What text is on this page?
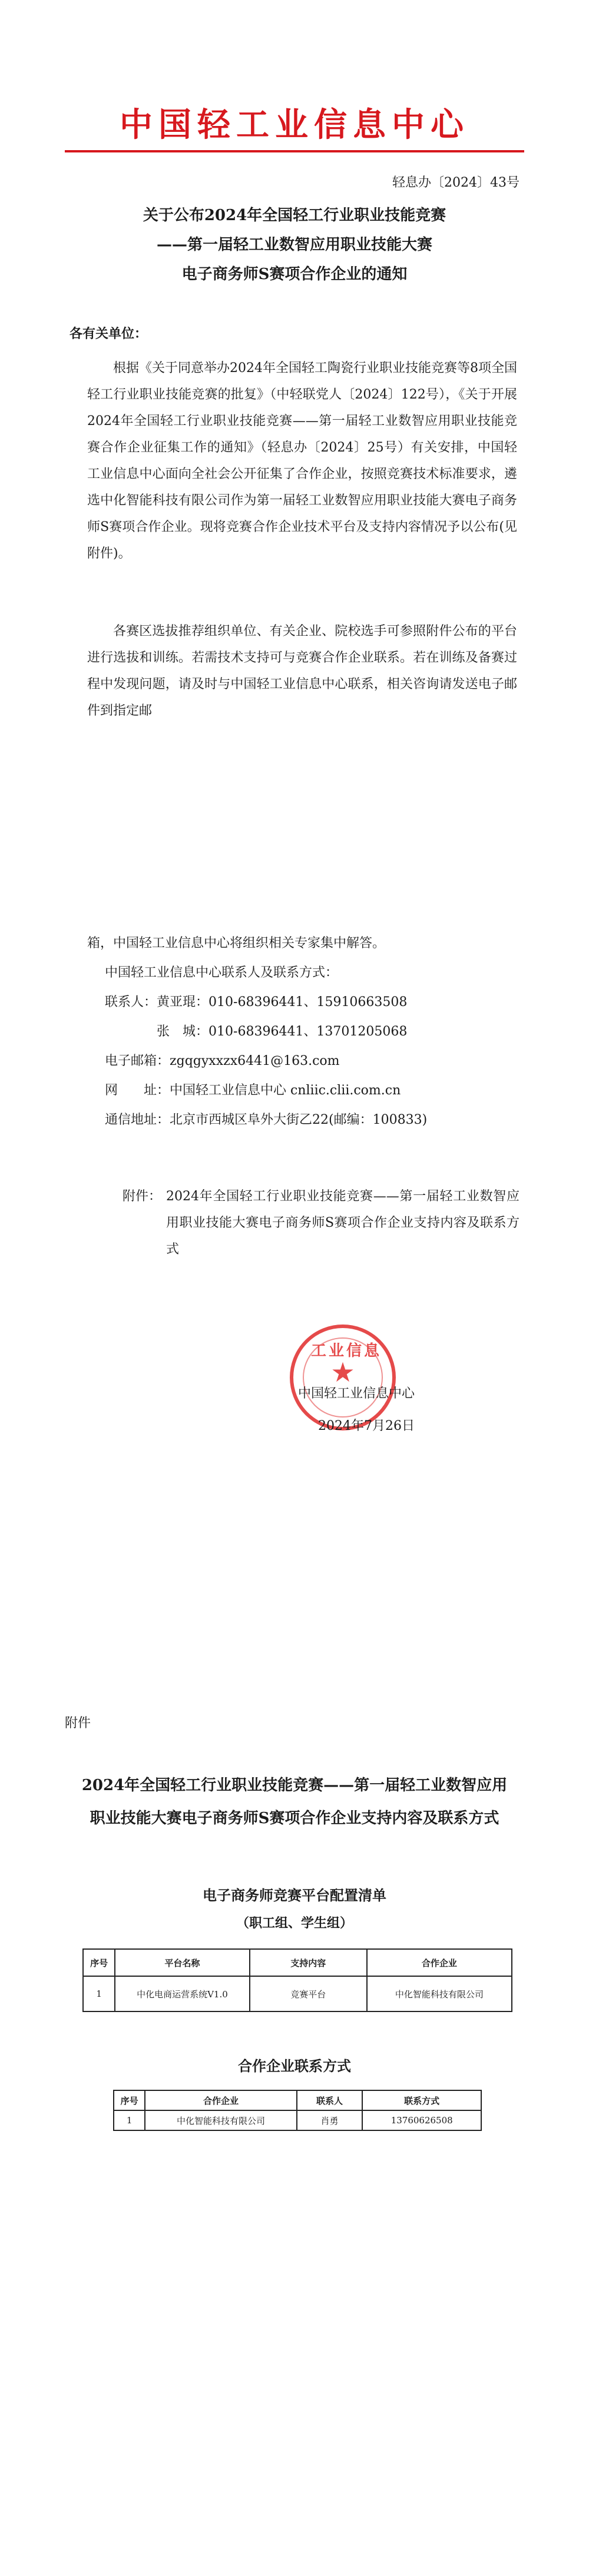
中国轻工业信息中心
轻息办〔2024〕43号
关于公布2024年全国轻工行业职业技能竞赛
——第一届轻工业数智应用职业技能大赛
电子商务师S赛项合作企业的通知
各有关单位：
根据《关于同意举办2024年全国轻工陶瓷行业职业技能竞赛等8项全国轻工行业职业技能竞赛的批复》（中轻联党人〔2024〕122号），《关于开展2024年全国轻工行业职业技能竞赛——第一届轻工业数智应用职业技能竞赛合作企业征集工作的通知》（轻息办〔2024〕25号）有关安排，中国轻工业信息中心面向全社会公开征集了合作企业，按照竞赛技术标准要求，遴选中化智能科技有限公司作为第一届轻工业数智应用职业技能大赛电子商务师S赛项合作企业。现将竞赛合作企业技术平台及支持内容情况予以公布(见附件)。
各赛区选拔推荐组织单位、有关企业、院校选手可参照附件公布的平台进行选拔和训练。若需技术支持可与竞赛合作企业联系。若在训练及备赛过程中发现问题，请及时与中国轻工业信息中心联系，相关咨询请发送电子邮件到指定邮
箱，中国轻工业信息中心将组织相关专家集中解答。
中国轻工业信息中心联系人及联系方式：
联系人：黄亚琨：010-68396441、15910663508
张　城：010-68396441、13701205068
电子邮箱：zgqgyxxzx6441@163.com
网　　址：中国轻工业信息中心 cnliic.clii.com.cn
通信地址：北京市西城区阜外大街乙22(邮编：100833)
附件： 2024年全国轻工行业职业技能竞赛——第一届轻工业数智应用职业技能大赛电子商务师S赛项合作企业支持内容及联系方式
工业信息
★
中国轻工业信息中心
2024年7月26日
附件
2024年全国轻工行业职业技能竞赛——第一届轻工业数智应用
职业技能大赛电子商务师S赛项合作企业支持内容及联系方式
电子商务师竞赛平台配置清单
（职工组、学生组）
序号	平台名称	支持内容	合作企业
1	中化电商运营系统V1.0	竞赛平台	中化智能科技有限公司
合作企业联系方式
序号	合作企业	联系人	联系方式
1	中化智能科技有限公司	肖勇	13760626508
